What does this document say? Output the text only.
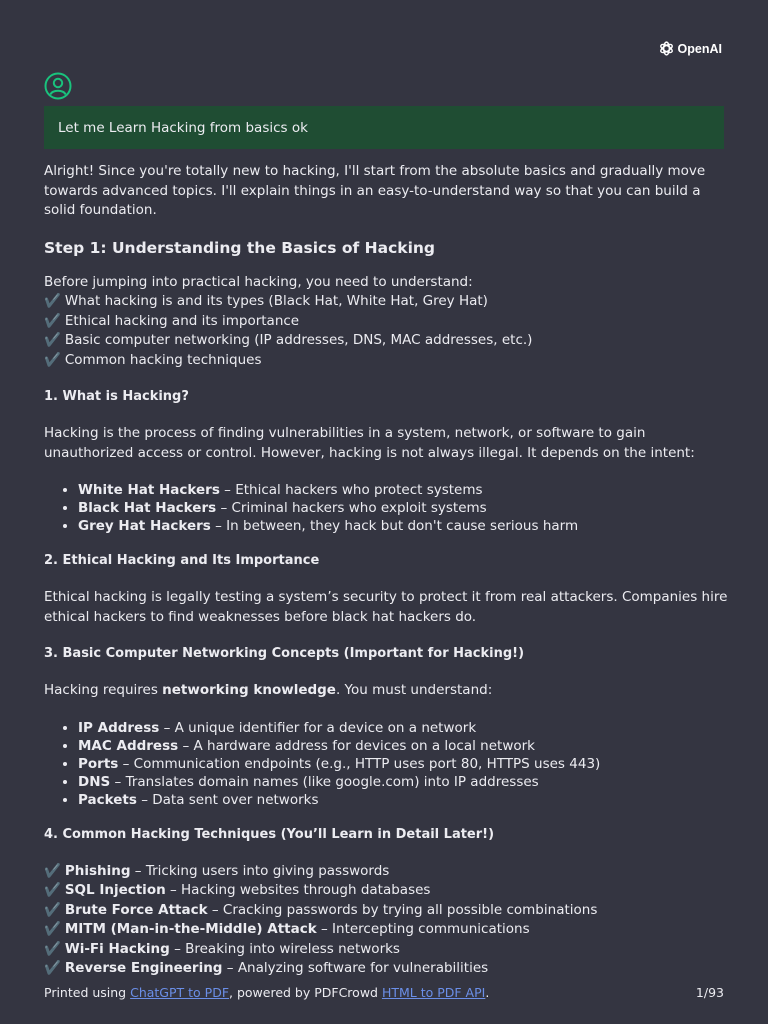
OpenAI
Let me Learn Hacking from basics ok

Alright! Since you're totally new to hacking, I'll start from the absolute basics and gradually move towards advanced topics. I'll explain things in an easy-to-understand way so that you can build a solid foundation.

Step 1: Understanding the Basics of Hacking

Before jumping into practical hacking, you need to understand:

✔️ What hacking is and its types (Black Hat, White Hat, Grey Hat)
✔️ Ethical hacking and its importance
✔️ Basic computer networking (IP addresses, DNS, MAC addresses, etc.)
✔️ Common hacking techniques
1. What is Hacking?

Hacking is the process of finding vulnerabilities in a system, network, or software to gain unauthorized access or control. However, hacking is not always illegal. It depends on the intent:

• White Hat Hackers – Ethical hackers who protect systems
• Black Hat Hackers – Criminal hackers who exploit systems
• Grey Hat Hackers – In between, they hack but don't cause serious harm
2. Ethical Hacking and Its Importance

Ethical hacking is legally testing a system’s security to protect it from real attackers. Companies hire ethical hackers to find weaknesses before black hat hackers do.

3. Basic Computer Networking Concepts (Important for Hacking!)

Hacking requires networking knowledge. You must understand:

• IP Address – A unique identifier for a device on a network
• MAC Address – A hardware address for devices on a local network
• Ports – Communication endpoints (e.g., HTTP uses port 80, HTTPS uses 443)
• DNS – Translates domain names (like google.com) into IP addresses
• Packets – Data sent over networks
4. Common Hacking Techniques (You’ll Learn in Detail Later!)
✔️ Phishing – Tricking users into giving passwords
✔️ SQL Injection – Hacking websites through databases
✔️ Brute Force Attack – Cracking passwords by trying all possible combinations
✔️ MITM (Man-in-the-Middle) Attack – Intercepting communications
✔️ Wi-Fi Hacking – Breaking into wireless networks
✔️ Reverse Engineering – Analyzing software for vulnerabilities
Printed using ChatGPT to PDF, powered by PDFCrowd HTML to PDF API.	1/93
